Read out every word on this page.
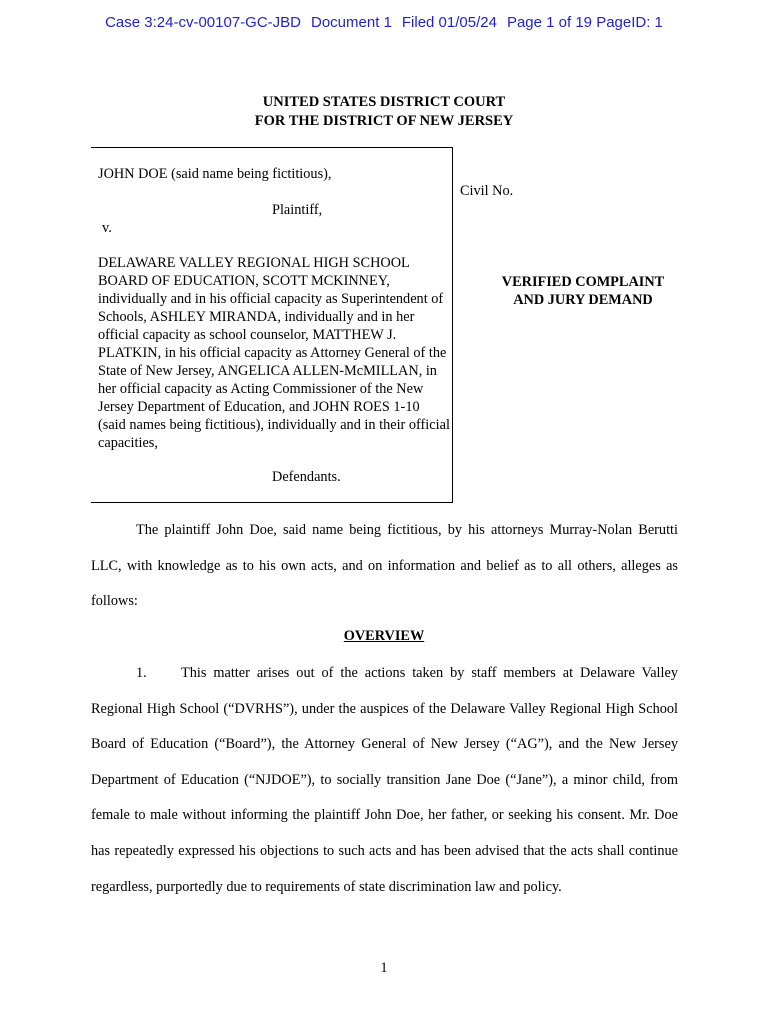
Case 3:24-cv-00107-GC-JBD Document 1 Filed 01/05/24 Page 1 of 19 PageID: 1
UNITED STATES DISTRICT COURT
FOR THE DISTRICT OF NEW JERSEY
JOHN DOE (said name being fictitious),
Plaintiff,
v.
DELAWARE VALLEY REGIONAL HIGH SCHOOL BOARD OF EDUCATION, SCOTT MCKINNEY, individually and in his official capacity as Superintendent of Schools, ASHLEY MIRANDA, individually and in her official capacity as school counselor, MATTHEW J. PLATKIN, in his official capacity as Attorney General of the State of New Jersey, ANGELICA ALLEN-McMILLAN, in her official capacity as Acting Commissioner of the New Jersey Department of Education, and JOHN ROES 1-10 (said names being fictitious), individually and in their official capacities,
Defendants.
Civil No.
VERIFIED COMPLAINT
AND JURY DEMAND
The plaintiff John Doe, said name being fictitious, by his attorneys Murray-Nolan Berutti LLC, with knowledge as to his own acts, and on information and belief as to all others, alleges as follows:
OVERVIEW
1. This matter arises out of the actions taken by staff members at Delaware Valley Regional High School (“DVRHS”), under the auspices of the Delaware Valley Regional High School Board of Education (“Board”), the Attorney General of New Jersey (“AG”), and the New Jersey Department of Education (“NJDOE”), to socially transition Jane Doe (“Jane”), a minor child, from female to male without informing the plaintiff John Doe, her father, or seeking his consent. Mr. Doe has repeatedly expressed his objections to such acts and has been advised that the acts shall continue regardless, purportedly due to requirements of state discrimination law and policy.
1
